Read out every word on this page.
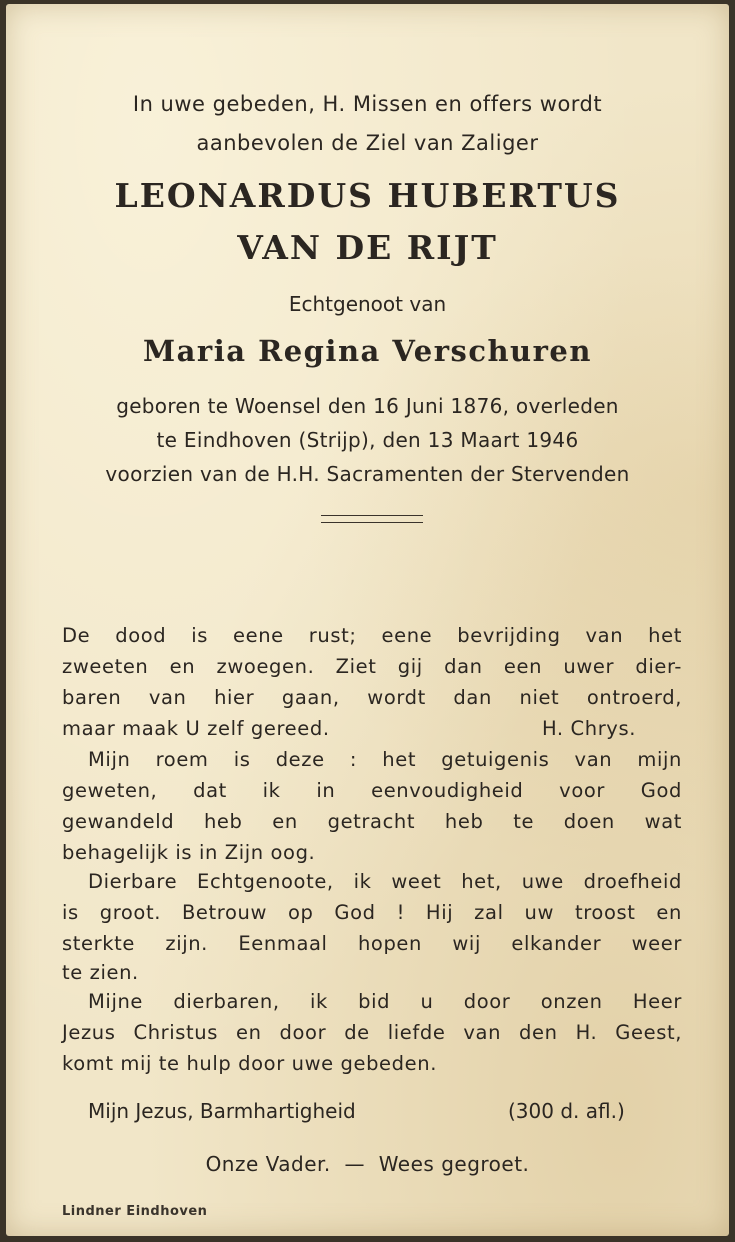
In uwe gebeden, H. Missen en offers wordt
aanbevolen de Ziel van Zaliger
LEONARDUS HUBERTUS
VAN DE RIJT
Echtgenoot van
Maria Regina Verschuren
geboren te Woensel den 16 Juni 1876, overleden
te Eindhoven (Strijp), den 13 Maart 1946
voorzien van de H.H. Sacramenten der Stervenden
De dood is eene rust; eene bevrijding van het
zweeten en zwoegen. Ziet gij dan een uwer dier-
baren van hier gaan, wordt dan niet ontroerd,
maar maak U zelf gereed.	H. Chrys.
Mijn roem is deze : het getuigenis van mijn
geweten, dat ik in eenvoudigheid voor God
gewandeld heb en getracht heb te doen wat
behagelijk is in Zijn oog.
Dierbare Echtgenoote, ik weet het, uwe droefheid
is groot. Betrouw op God ! Hij zal uw troost en
sterkte zijn. Eenmaal hopen wij elkander weer
te zien.
Mijne dierbaren, ik bid u door onzen Heer
Jezus Christus en door de liefde van den H. Geest,
komt mij te hulp door uwe gebeden.
Mijn Jezus, Barmhartigheid	(300 d. afl.)
Onze Vader.  —  Wees gegroet.
Lindner Eindhoven
